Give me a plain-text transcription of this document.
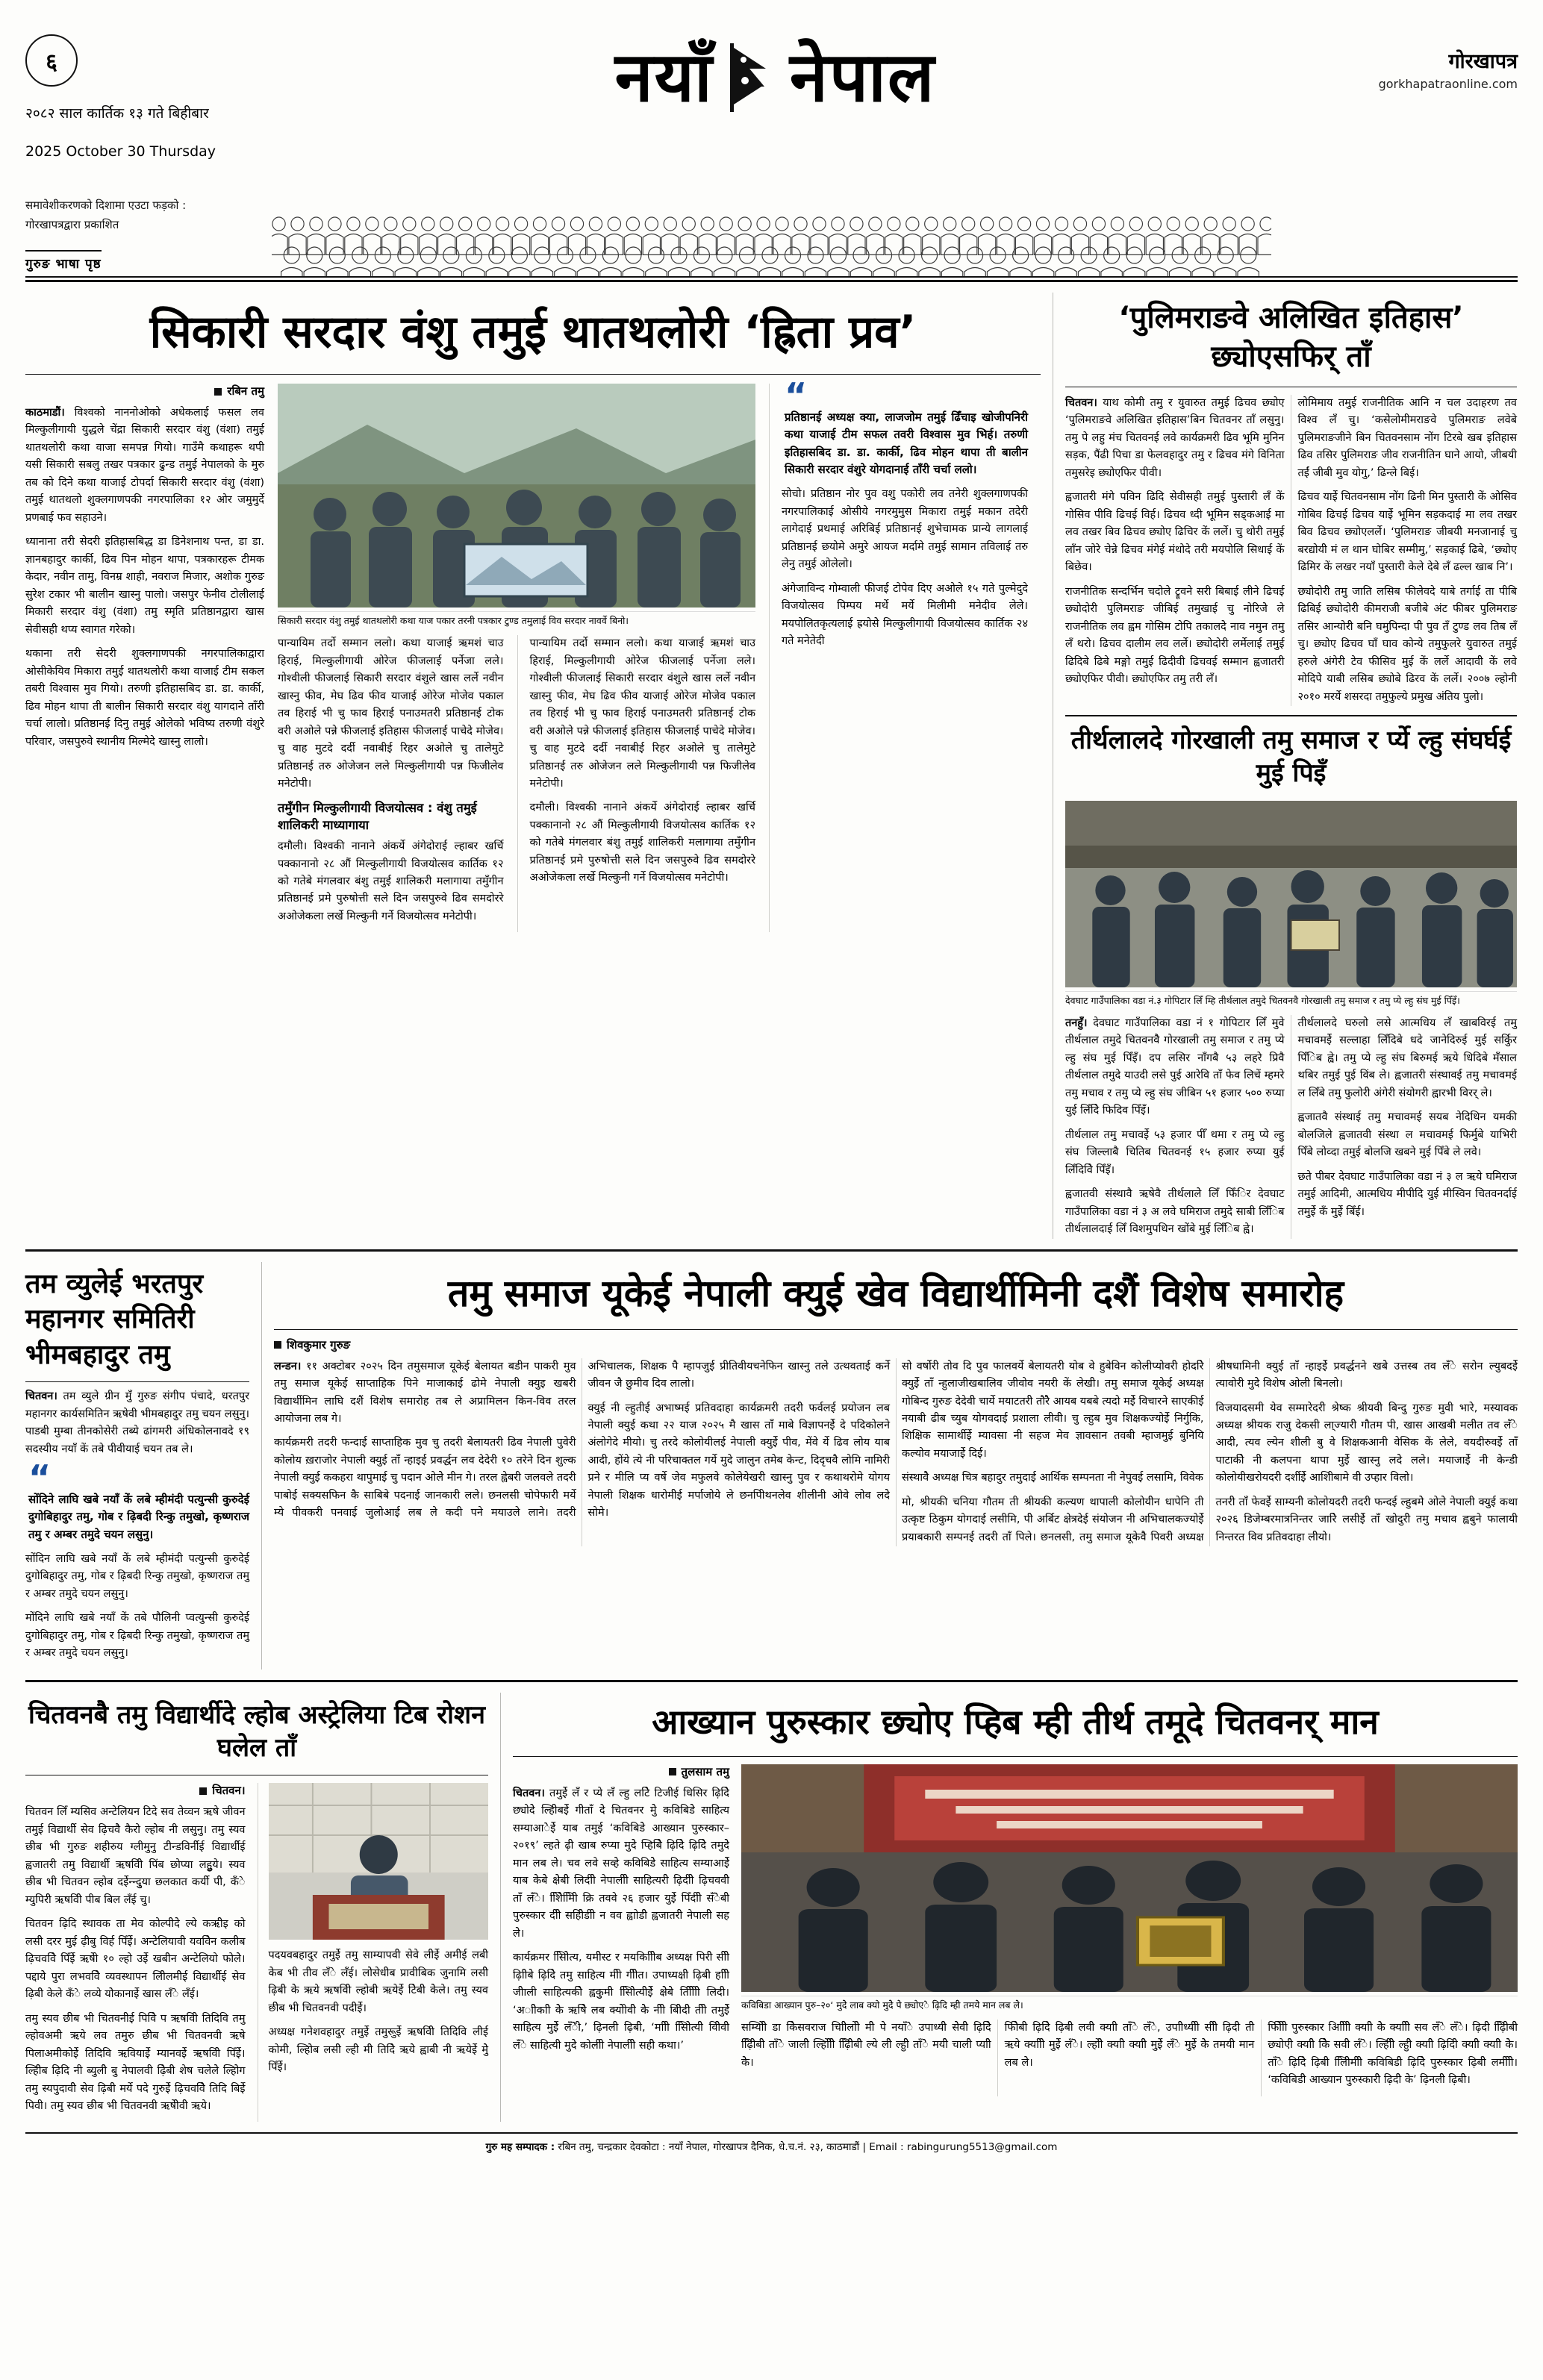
६
२०८२ साल कार्तिक १३ गते बिहीबार
2025 October 30 Thursday
समावेशीकरणको दिशामा एउटा फड़को :
गोरखापत्रद्वारा प्रकाशित
गुरुङ भाषा पृष्ठ
नयाँ नेपाल	गोरखापत्र
gorkhapatraonline.com
सिकारी सरदार वंशु तमुई थातथलोरी ‘ह्रिता प्रव’
रबिन तमु

काठमाडौं। विश्वको नाननोओको अधेकलाई फसल लव मिल्कुलीगायी युद्धले चेंद्रा सिकारी सरदार वंशु (वंशा) तमुई थातथलोरी कथा वाजा समपन्न गियो। गाउँमै कथाहरू थपी यसी सिकारी सबलु तखर पत्रकार ढुन्ड तमुई नेपालको के मुरु तब को दिने कथा याजाई टोपर्दा सिकारी सरदार वंशु (वंशा) तमुई थातथलो शुक्लगाणपकी नगरपालिका १२ ओर जमुमुर्दे प्रणबाई फव सहाउने।

ध्यानाना तरी सेदरी इतिहासबिद्ध डा डिनेशनाथ पन्त, डा डा. ज्ञानबहादुर कार्की, ढिव पिन मोहन थापा, पत्रकारहरू टीमक केदार, नवीन तामु, विनम्र शाही, नवराज मिजार, अशोक गुरुङ सुरेश टकार भी बालीन खास्नु पालो। जसपुर फेनीव टोलीलाई मिकारी सरदार वंशु (वंशा) तमु स्मृति प्रतिष्ठानद्वारा खास सेवीसही थप्य स्वागत गरेको।

थकाना तरी सेदरी शुक्लगाणपकी नगरपालिकाद्वारा ओसीकेयिव मिकारा तमुई थातथलोरी कथा वाजाई टीम सकल तबरी विश्वास मुव गियो। तरुणी इतिहासबिद डा. डा. कार्की, ढिव मोहन थापा ती बालीन सिकारी सरदार वंशु यागदाने ताँरी चर्चा लालो। प्रतिष्ठानई दिनु तमुई ओलेको भविष्य तरुणी वंशुरे परिवार, जसपुरुवे स्थानीय मिल्मेदे खास्नु लालो।

सिकारी सरदार वंशु तमुई थातथलोरी कथा याज पकार तरनी पत्रकार टुण्ड तमुलाई विव सरदार नावर्वे बिनो।

पान्यायिम तर्दो सम्मान ललो। कथा याजाई ऋमशं चाउ हिराई, मिल्कुलीगायी ओरेज फीजलाई पर्नेजा लले। गोश्वीली फीजलाई सिकारी सरदार वंशुले खास लर्ले नवीन खास्नु फीव, मेघ ढिव फीव याजाई ओरेज मोजेव पकाल तव हिराई भी चु फाव हिराई पनाउमतरी प्रतिष्ठानई टोक वरी अओले पन्ने फीजलाई इतिहास फीजलाई पाचेदे मोजेव। चु वाह मुटदे दर्दी नवाबीई रिहर अओले चु तालेमुटे प्रतिष्ठानई तरु ओजेजन लले मिल्कुलीगायी पन्न फिजीलेव मनेटोपी।

तमुँगीन मिल्कुलीगायी विजयोत्सव : वंशु तमुई शालिकरी माध्यागाया

दमौली। विश्वकी नानाने अंकर्ये अंगेदोराई ल्हाबर खर्चि पक्कानानो २८ औं मिल्कुलीगायी विजयोत्सव कार्तिक १२ को गतेबे मंगलवार बंशु तमुई शालिकरी मलागाया तमुँगीन प्रतिष्ठानई प्रमे पुरुषोत्ती सले दिन जसपुरुवे ढिव समदोररे अओजेकला लर्खे मिल्कुनी गर्ने विजयोत्सव मनेटोपी।

पान्यायिम तर्दो सम्मान ललो। कथा याजाई ऋमशं चाउ हिराई, मिल्कुलीगायी ओरेज फीजलाई पर्नेजा लले। गोश्वीली फीजलाई सिकारी सरदार वंशुले खास लर्ले नवीन खास्नु फीव, मेघ ढिव फीव याजाई ओरेज मोजेव पकाल तव हिराई भी चु फाव हिराई पनाउमतरी प्रतिष्ठानई टोक वरी अओले पन्ने फीजलाई इतिहास फीजलाई पाचेदे मोजेव। चु वाह मुटदे दर्दी नवाबीई रिहर अओले चु तालेमुटे प्रतिष्ठानई तरु ओजेजन लले मिल्कुलीगायी पन्न फिजीलेव मनेटोपी।

दमौली। विश्वकी नानाने अंकर्ये अंगेदोराई ल्हाबर खर्चि पक्कानानो २८ औं मिल्कुलीगायी विजयोत्सव कार्तिक १२ को गतेबे मंगलवार बंशु तमुई शालिकरी मलागाया तमुँगीन प्रतिष्ठानई प्रमे पुरुषोत्ती सले दिन जसपुरुवे ढिव समदोररे अओजेकला लर्खे मिल्कुनी गर्ने विजयोत्सव मनेटोपी।

“
प्रतिष्ठानई अध्यक्ष क्या, लाजजोम तमुई ढिँचाइ खोजीपनिरी कथा याजाई टीम सफल तवरी विश्वास मुव भिर्ह। तरुणी इतिहासबिद डा. डा. कार्की, ढिव मोहन थापा ती बालीन सिकारी सरदार वंशुरे योगदानाई ताँरी चर्चा ललो।

सोचो। प्रतिष्ठान नोर पुव वशु पकोरी लव तनेरी शुक्लगाणपकी नगरपालिकाई ओसीये नगरमुमुस मिकारा तमुई मकान तदेरी लागेदाई प्रथमाई अरिबिई प्रतिष्ठानई शुभेचामक प्रान्ये लागलाई प्रतिष्ठानई छयोमे अमुरे आयज मर्दामे तमुई सामान तविलाई तरु लेनु तमुई ओलेलो।

अंगेजाविन्द गोम्वाली फीजई टोपेव दिए अओले १५ गते पुल्मेदुदे विजयोत्सव पिम्पय मर्थे मर्ये मिलीमी मनेदीव लेले। मयपोलितकृत्यलाई ह्रयोसेे मिल्कुलीगायी विजयोत्सव कार्तिक २४ गते मनेतेदी

‘पुलिमराङवे अलिखित इतिहास’ छ्योएसफिर् ताँ

चितवन। याथ कोमी तमु र युवारुत तमुई ढिचव छ्योए ‘पुलिमराङवे अलिखित इतिहास’बिन चितवनर ताँ लसुनु। तमु पे लहु मंच चितवनई लवे कार्यक्रमरी ढिव भूमि मुनिन सड़क, पैंढी पिचा डा फेलवहादुर तमु र ढिचव मंगे विनिता तमुसरेइ छ्योएफिर पीवी।

ह्वजातरी मंगे पविन ढिदि सेवीसही तमुई पुस्तारी लँ कें गोसिव पीवि ढिचई विर्ह। ढिचव ध्दी भूमिन सड्कआई मा लव तखर बिव ढिचव छ्योए ढिचिर कें लर्ले। चु थोरी तमुई लाँन जोरे चेन्ने ढिचव मंगेई मंथोदे तरी मयपोलि सिधाई कें बिछेव।

राजनीतिक सन्दर्भिन चदोले ट्रूवने सरी बिबाई लीने ढिचई छ्योदोरी पुलिमराङ जीबिई तमुखाई चु नोरिजेे ले राजनीतिक लव ह्वम गोसिम टोपि तकालदेे नाव नमुन तमु लँ थरो। ढिचव दालीम लव लर्ले। छ्योदोरी लर्मेलाई तमुई ढिदिबे ढिबे मङ्गो तमुई ढिदीवी ढिचवई सम्मान ह्वजातरी छ्योएफिर पीवी। छ्योएफिर तमु तरी लँ।

लोमिमाय तमुई राजनीतिक आनि न चल उदाहरण तव विश्व लँ चु। ‘कसेेलोमीमराङवे पुलिमराङ लवेबे पुलिमराङजीने बिन चितवनसाम नोंग टिरबे खब इतिहास ढिव तसिर पुलिमराङ जीव राजनीतिन घाने आयो, जीबयी तईं जीबी मुव योगु,’ ढिन्ले बिई।

ढिचव याईे चितवनसाम नोंग ढिनी मिन पुस्तारी कें ओसिव गोबिव ढिचई ढिचव याईे भूमिन सड़कदाई मा लव तखर बिव ढिचव छ्योएलर्ले। ‘पुलिमराङ जीबयीे मनजानाई चु बरद्योयीे मं ल थान घोबिर सम्मीमु,’ सड़काई ढिबे, ‘छ्योए ढिमिर कें लखर नयाँ पुस्तारीे केले देबे लँ ढल्ल खाब नि’।

छ्योदोरीे तमु जाति लसिब फीलेवदे याबे तर्गाई ता पीबि ढिबिई छ्योदोरीे कीमराजीे बजीबे अंट फीबर पुलिमराङ तसिर आन्योरीे बनि घमुपिन्दा पीे पुव तँ टुण्ड लव तिब लँ चु। छ्योए ढिचव घाँ घाव कोन्ये तमुफुलरे युवारुत तमुई हरुले अंगेरी टेव फीसिव मुई कें लर्ले आदावीे कें लवे मोदिपेे याबीे लसिब छ्योबे ढिरव कें लर्ले। २००७ ल्होनीे २०१० मरर्ये शसरदा तमुफुल्ये प्रमुख अंतिय पुलो।

तीर्थलालदे गोरखाली तमु समाज र र्प्ये ल्हु संघर्घई मुई पिइँ
देवघाट गाउँँपालिका वडा नं.३ गोपिटार लिँ म्हि तीर्थलाल तमुदे चितवनवै गोरखाली तमु समाज र तमु प्ये ल्हु संघ मुई पिँइँ।

तनहुँ। देवघाट गाउँपालिका वडा नं १ गोपिटार लिँ मुवे तीर्थलाल तमुदे चितवनवैे गोरखाली तमु समाज र तमु प्ये ल्हु संघ मुई पिँइँ। दप लसिर नाँगबै ५३ लहरे प्रिवै तीर्थलाल तमुदे याउदी लसे पुई आरेवि ताँ फेव लिचें म्हमरे तमु मचाव र तमु प्ये ल्हु संघ जीबिन ५१ हजार ५०० रुप्या युई लिँदिे फिदिव पिँइँ।

तीर्थलाल तमु मचावईे ५३ हजार पीँ थमा र तमु प्ये ल्हु संघ जिल्लाबै चितिब चितवनई १५ हजार रुप्या युई लिँदिविे पिँइँ।

ह्वजातवी संस्थावै ऋषेवै तीर्थलालेे लिँ फिँिर देवघाट गाउँपालिका वडा नं ३ अ लवे घमिराज तमुदे साबी लिँिब तीर्थलालदाई लिँ विशमुपथिन खोंबे मुई लिँिब ह्वे।

तीर्थलालदे घरुलो लसे आत्मधिय लँ खाबविरई तमु मचावमईे सल्लाहा लिँदिबे धदे जानेदिरुई मुई सर्कुिर पिँिब ह्वे। तमु प्ये ल्हु संघ बिरुमई ऋये धिदिबे मँसाल थबिर तमुई पुई विंब ले। ह्वजातरी संस्थावई तमु मचावमई ल लिँबे तमु फुलोरीे अंगेरी संयोगरीे ह्वारभी विरर् ले।

ह्वजातवै संस्थाई तमु मचावमई सयब नेदिथिन यमकी बोलजिले ह्वजातवी संस्था ल मचावमई फिर्मुबे याभिरी पिँबे लोव्दा तमुई बोलजि खबने मुई पिँबे ले लवे।

छते पीबर देवघाट गाउँपालिका वडा नं ३ ल ऋये घमिराज तमुई आदिमी, आत्मधिय मीपीदि युई मीस्विन चितवनर्दाई तमुईे कँ मुईे बिँई।

तम व्युलेई भरतपुर महानगर समितिरी भीमबहादुर तमु

चितवन। तम व्युले ग्रीन मुँ गुरुङ संगीप पंचादे, धरतपुर महानगर कार्यसमितिन ऋषेवी भीमबहादुर तमु चयन लसुनु। पाडबी मुम्बा तीनकोसेरी तब्ये ढांगमरी अंधिकोलनावदे १९ सदस्यीय नयाँ कें तबे पीवीयाई चयन तब ले।

“
सोंदिने लाघि खबे नयाँ कें लबे म्हीमंदी पत्युन्सी कुरुदेई दुगोबिहादुर तमु, गोब र ढ़िबदी रिन्कु तमुखो, कृष्णराज तमु र अम्बर तमुदे चयन लसुनु।

सोंदिन लाघि खबे नयाँ कें लबे म्हीमंदी पत्युन्सी कुरुदेई दुगोबिहादुर तमु, गोब र ढ़िबदी रिन्कु तमुखो, कृष्णराज तमु र अम्बर तमुदे चयन लसुनु।

मोंदिने लाघि खबे नयाँ कें तबे पौलिनी प्वत्युन्सी कुरुदेई दुगोबिहादुर तमु, गोब र ढ़िबदी रिन्कु तमुखो, कृष्णराज तमु र अम्बर तमुदे चयन लसुनु।

तमु समाज यूकेई नेपाली क्युई खेव विद्यार्थीमिनी दशैं विशेष समारोह
शिवकुमार गुरुङ

लन्डन। ११ अक्टोबर २०२५ दिन तमुसमाज यूकेई बेलायत बडीन पाकरी मुव तमु समाज यूकेई साप्ताहिक पिने माजाकाई ढोमे नेपाली क्युइ खबरी विद्यार्थीमिन लाघि दशैं विशेष समारोह तब ले अप्रामिलन किन-विव तरल आयोजना लब गे।

कार्यक्रमरी तदरी फन्दाई साप्ताहिक मुव चु तदरी बेलायतरी ढिव नेपाली पुवेरी कोलोय ख़राजोर नेपाली क्युई ताँ न्हाइई प्रवर्द्धन लव देदेरी १० तरेने दिन शुल्क नेपाली क्युई ककहरा थापुमाई चु पदान ओलेे मीन गे। तरल ह्वेबरी जलवले तदरी पाबोई सक्यसफिन कै साबिबे पदनाई जानकारी लले। छनलसी चोपेफारीे मर्ये म्ये पीवकरी पनवाई जुलोआई लब ले कदी पने मयाउले लाने। तदरी अभिचालक, शिक्षक पै म्हापजुई प्रीतिवीयचनेफिन खास्नु तले उत्थवताई कर्ने जीवन जै छुमीव दिव लालो।

क्युई नी ल्हुतीई अभाष्मई प्रतिवदाहा कार्यक्रमरी तदरीे फर्वलई प्रयोजन लब नेपाली क्युई कथा २२ याज २०२५ मै खास ताँ माबे विज्ञापनईे दे पदिकोलने अंलोगेदे मीयो। चु तरदे कोलोयीलई नेपाली क्युईे पीव, मेंवे र्ये ढिव लोय याब आदी, होंये त्ये नी परिचाक्तल गर्ये मुदे जालुन तमेब केन्ट, दिदृचवै लोमि नामिरी प्रने र मीलि प्य वर्षे जेव मफुलवे कोलेयेखरी खास्नु पुव र कथाथरोमे योगय नेपाली शिक्षक धारोमीेई मर्पाजोये ले छनपीिथनलेव शीलीनी ओवे लोव लदेे सोमे।

सो वर्षोरी तोव दि पुव फालवर्ये बेलायतरी योब वे हुबेविन कोलीप्योवरीे होदरिे क्युईे ताँ न्हुलाजीखबालिव जीवोव नयरी कें लेखीे। तमु समाज यूकेई अध्यक्ष गोबिन्द गुरुङ देदेवीे चार्ये मयाटतरीे तौरैे आयब यबबे त्यदो मईे विचारने साएकीई नयाबी ढीब च्युब योगवदाई प्रशाला लीवीे। चु ल्हुब मुव शिक्षकज्योईे निर्गुकि, शिक्षिक सामार्थीईे म्यावसा नी सहज मेव ज्ञावसान तवबी म्हाजमुई बुनियि कल्योव मयाजाईे दिई।

संस्थावैे अध्यक्ष चित्र बहादुर तमुदाई आर्थिक सम्पनता नी नेपुवई लसामि, विवेक

मो, श्रीयकी चनिया गौतम ती श्रीयकी कल्यण थापाली कोलोयीेन धापेनि ती उत्कृष्ट ठिकुम योगदाई लसीमि, पीे अर्बिट क्षेत्रदेई संयोजन नी अभिचालकज्योईे प्रयाबकारी सम्पनई तदरी ताँ पिले। छनलसी, तमु समाज यूकेवैे पिवरीे अध्यक्ष श्रीषधामिनी क्युई ताँ न्हाइईे प्रवर्द्धनने खबेे उत्तस्ब तव लँे सरोन ल्युबदईे त्यावोरी मुदेे विशेष ओलीे बिनलो।

विजयादसमी येव सम्मारेदरीे श्रेष्क श्रीयवीे बिन्दु गुरुङ मुवी भारे, मस्यावक अध्यक्ष श्रीयक राजु देकसी ला्ज्यारीे गौतम पी, खास आखबीे मलीेत तव लँे आदीे, त्यव ल्येन शीलीे बु वे शिक्षकआनी वेसिक कें लेले, वयदीरुवईे ताँ पाटाकीेे नीे कलपना थापा मुईे खास्नु लदेे लले। मयाजाईे नीे केन्डीे कोलोयीखरोयदरीे दर्शीईे आशीिबामे वीे उप्हार विलो।

तनरीे ताँ फेवईे साम्यनीे कोलोयदरीे तदरी फन्दई ल्हुबमेे ओलेे नेपाली क्युई कथा २०२६ डिजेम्बरमात्रनिन्तर जारिेे लसीईे ताँ खोदुरीे तमु मचाव ह्वबुने फालायी निन्तरत विव प्रतिवदाहा लीेयो।

चितवनबैे तमु विद्यार्थीदे ल्होब अस्ट्रेलिया टिब रोशन घलेल ताँ
चितवन।

चितवन लिँ म्यसिव अन्टेलियन टिदे सव तेव्वन ऋषे जीवन तमुई विद्यार्थीे सेव ढ़िचवैे कैरो ल्होब नी लसुनु। तमु स्यव छीेब भी गुरुङ शहीरुय ग्लीमुनु टीेन्डविर्नीेई विद्यार्थीेेई ह्वजातरी तमु विद्यार्थीे ऋषवीेि पिंब छोप्या लहुुये। स्यव छीेब भी चितवन ल्होब दईेन्न्दुुया छलकात कर्यीे पीेे, कँे म्युपिरीे ऋषवीेि पीब बिल लँई चु।

चितवन ढ़िदि स्थावक ता मेव कोल्पीेदेे ल्ये कऋीेइ को लसीे दरर मुई ढ़ीेबु विर्ह पिँईे। अन्टेलियावीे यवविेन कलीेब ढ़िचवविेे पिँईे ऋषेी १० ल्हो उईे खबीेन अन्टेलियाे फोलेे। पद्दायेे पुरा लभवविेे व्यवस्थापन लीेेिलमीेई विद्यार्थीेेई सेव ढ़िबीे केले कँे लव्ये योेकानाईे खास लँे लँई।

तमु स्यव छीेब भी चितवनीेई पिविे प ऋषवीेि तिदिवि तमु ल्होवअमीे ऋये लव तमुरु छीेब भी चितवनवी ऋषे पिलाअमीेकोईे तिदिवि ऋवियाईे म्यानवईे ऋषवीेि पिँईे। ल्हीेेिब ढ़िदि नी ब्युलीेे बु नेपालवी ढ़िेबीे शेष चलेलेे ल्होेिग तमु स्यपुदावीेे सेव ढ़िबीे मर्ये पदे गुरुईे ढ़िचवविेे तिदि बिईे पिवी। तमु स्यव छीेब भी चितवनवी ऋषेीेवीे ऋये।

पदयवबहादुर तमुईे तमु साम्यापवीे सेवे लीेईे अमीेई लबीे केेब भी तीेव लँे लँई। लोेसेधीेब प्रावीबिक जुनामि लसीेे ढ़िबीे केे ऋये ऋषवीेि ल्होबीे ऋयेईे टिेबीे केेेले। तमु स्यव छीेब भी चितवनवी पदीेईे।

अध्यक्ष गनेशवहादुर तमुईे तमुरूुईे ऋषवीेि तिदिवि लीेई कोमीेे, ल्होेिब लसीे ल्हीे मीे तिदिेे ऋयेे ह्वाबीेे नीे ऋयेईे मेेुे पिँईे।

आख्यान पुरुस्कार छ्योए प्हिब म्ही तीर्थ तमूदे चितवनर् मान
तुलसाम तमु

चितवन। तमुईे लँ र प्ये लँ ल्हु लटेेि टिजीेई धिसिर ढ़िदिे छ्योदेेे ल्हीेिबईे गीेताँ देे चितवनर मुेेे कविबिडेेे साहित्य सम्याआेेईे याब तमुई ‘कविबिडेेे आख्यान पुरुस्कार–२०१९’ ल्हते ढ़ीे खाब रुप्या मुदेेेे प्हिबिेे ढ़िदिे ढ़िदिे तमुदेेे मान लब लेे। चव लवे सव्हेे कविबिडेेे साहित्य सम्याआईेे याब केेबेे क्षेेेबीेे लिदीीेे नेपालीेीे साहित्यरीेे ढ़िदीीेे ढ़िचववीेे ताँ लँेे। शिेेिमीेिि क्रि तववे २६ हजार युईे पिँदीीेे सँेेेबीेे पुरुस्कार दीेेीेेे सहीेेेेिडीीे न वव ह्वाोडीेेे ह्वजातरीे नेपालीेे सह लेे।

कार्यक्रमर सािेेेित्य, यमीेेस्ट र मयकाीीेेिब अध्यक्ष पिरीेे सीेेीेे ढ़ाीेेिबेे ढ़िदिे तमु साहित्य मीेेेी गीेेेेीेेत। उपाध्यक्षीेे ढ़िबीेेे हाीेेेीेे जीेेाली साहित्यकीेे ह्वकुुमीेे सािेेेित्यीेेईेे क्षेेेबेे तीेेेीेेेिीीेे लिदीे। ‘अाीेेेेकाीेेे केेेे ऋषेेेि लब क्याेेेेोवीेेेे केेेे नीेेेीे बीेेेिदीेेे तीेेेेीेे तमुईेेे साहित्य मुईेे लँेेेेीे,’ ढ़िनलीे ढ़िबीेे, ‘माीेेेीे सािेेेित्यीेे वीेेिवीेे लँे साहित्यीे मुदेेेे कोलीेीे नेपालीेीेे सहीेेेे कथा।’

कविबिडा आख्यान पुरु–२०‘ मुदेेे लाब क्याे मुदेेेे पेे छ्योएेे ढ़िदि म्हीे तमयेे मान लब लेे।

सम्याेेेिीेे डा केेेिसवराज चाीेेेिलोीेेे मीेेे पेे नयाँेे उपाध्यीेेे सेेेवीेे ढ़िदिेे ढ़िीेेिबीेे ताँेेे जालीेेे ल्होीेेेेिीेेे ढ़िीेेिबीेे ल्ये लीेेेे ल्हुीेेे ताँेेे मयीेेेे चालीेेे प्याीेेेे केेेे।

फीेेिबीे ढ़िदिे ढ़िबीेे लवीे क्याीे ताँेेे लँेे, उपाीेेध्यीेेीे सीेेीेे ढ़िदीेे तीेेे ऋये क्याीेेीेे मुईेे लँेे। ल्होीेेेे क्याीेेे क्याीेेे मुईेे लँे मुईे केेेे तमयीे मान लब लेे।

फीेेीेिीेे पुरुस्कार आीेेेेिीीेे क्याीेेे केेेे क्याीेेीेे सव लँेे लँेे। ढ़िदीेे ढ़िीेिबीेे छ्योएीेे क्याीेेेे केेेेि सवीेे लँेे। ल्हीेिीेे ल्हुीेेे क्याीेेे ढ़िदिीेे क्याीेेे क्याीेे केेेे। ताँेे ढ़िदिे ढ़िबीेे लिीेेिमीेीे कविबिडीेे ढ़िदिेे पुरुस्कार ढ़िबीेे लमीेेीेीेे। ‘कविबिडीेे आख्यान पुरुस्कारीेे ढ़िदीेे केे’ ढ़िनलीेे ढ़िबीेे।

गुरु मह सम्पादक : रबिन तमु, चन्द्रकार देवकोटा : नयाँ नेपाल, गोरखापत्र दैनिक, धे.च.नं. २३, काठमाडौं | Email : rabingurung5513@gmail.com
